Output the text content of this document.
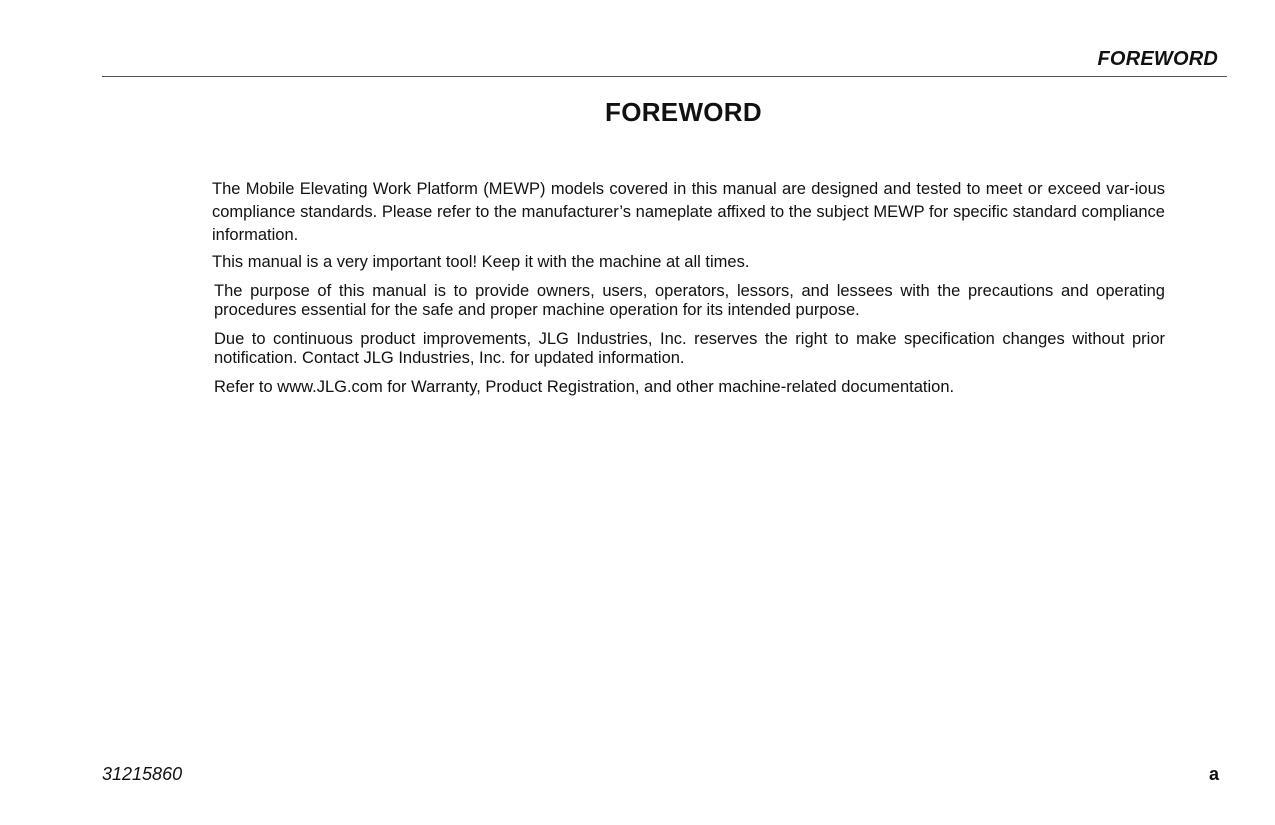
FOREWORD
FOREWORD

The Mobile Elevating Work Platform (MEWP) models covered in this manual are designed and tested to meet or exceed var-ious compliance standards. Please refer to the manufacturer’s nameplate affixed to the subject MEWP for specific standard compliance information.

This manual is a very important tool! Keep it with the machine at all times.

The purpose of this manual is to provide owners, users, operators, lessors, and lessees with the precautions and operating procedures essential for the safe and proper machine operation for its intended purpose.

Due to continuous product improvements, JLG Industries, Inc. reserves the right to make specification changes without prior notification. Contact JLG Industries, Inc. for updated information.

Refer to www.JLG.com for Warranty, Product Registration, and other machine-related documentation.

31215860	a
